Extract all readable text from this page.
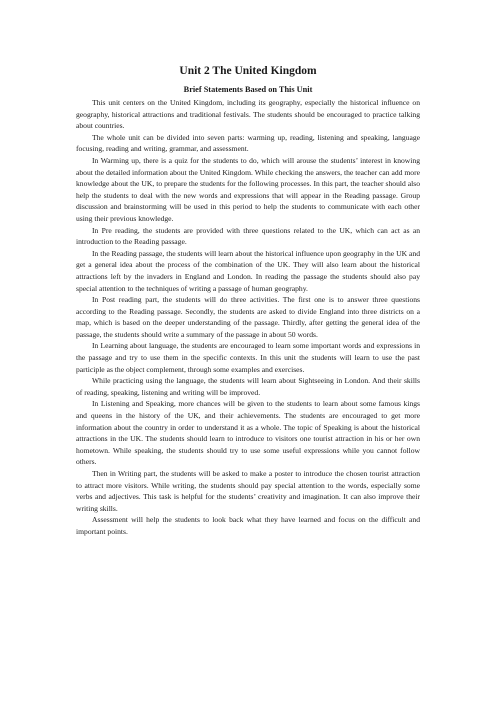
Unit 2 The United Kingdom
Brief Statements Based on This Unit

This unit centers on the United Kingdom, including its geography, especially the historical influence on geography, historical attractions and traditional festivals. The students should be encouraged to practice talking about countries.

The whole unit can be divided into seven parts: warming up, reading, listening and speaking, language focusing, reading and writing, grammar, and assessment.

In Warming up, there is a quiz for the students to do, which will arouse the students’ interest in knowing about the detailed information about the United Kingdom. While checking the answers, the teacher can add more knowledge about the UK, to prepare the students for the following processes. In this part, the teacher should also help the students to deal with the new words and expressions that will appear in the Reading passage. Group discussion and brainstorming will be used in this period to help the students to communicate with each other using their previous knowledge.

In Pre reading, the students are provided with three questions related to the UK, which can act as an introduction to the Reading passage.

In the Reading passage, the students will learn about the historical influence upon geography in the UK and get a general idea about the process of the combination of the UK. They will also learn about the historical attractions left by the invaders in England and London. In reading the passage the students should also pay special attention to the techniques of writing a passage of human geography.

In Post reading part, the students will do three activities. The first one is to answer three questions according to the Reading passage. Secondly, the students are asked to divide England into three districts on a map, which is based on the deeper understanding of the passage. Thirdly, after getting the general idea of the passage, the students should write a summary of the passage in about 50 words.

In Learning about language, the students are encouraged to learn some important words and expressions in the passage and try to use them in the specific contexts. In this unit the students will learn to use the past participle as the object complement, through some examples and exercises.

While practicing using the language, the students will learn about Sightseeing in London. And their skills of reading, speaking, listening and writing will be improved.

In Listening and Speaking, more chances will be given to the students to learn about some famous kings and queens in the history of the UK, and their achievements. The students are encouraged to get more information about the country in order to understand it as a whole. The topic of Speaking is about the historical attractions in the UK. The students should learn to introduce to visitors one tourist attraction in his or her own hometown. While speaking, the students should try to use some useful expressions while you cannot follow others.

Then in Writing part, the students will be asked to make a poster to introduce the chosen tourist attraction to attract more visitors. While writing, the students should pay special attention to the words, especially some verbs and adjectives. This task is helpful for the students’ creativity and imagination. It can also improve their writing skills.

Assessment will help the students to look back what they have learned and focus on the difficult and important points.
